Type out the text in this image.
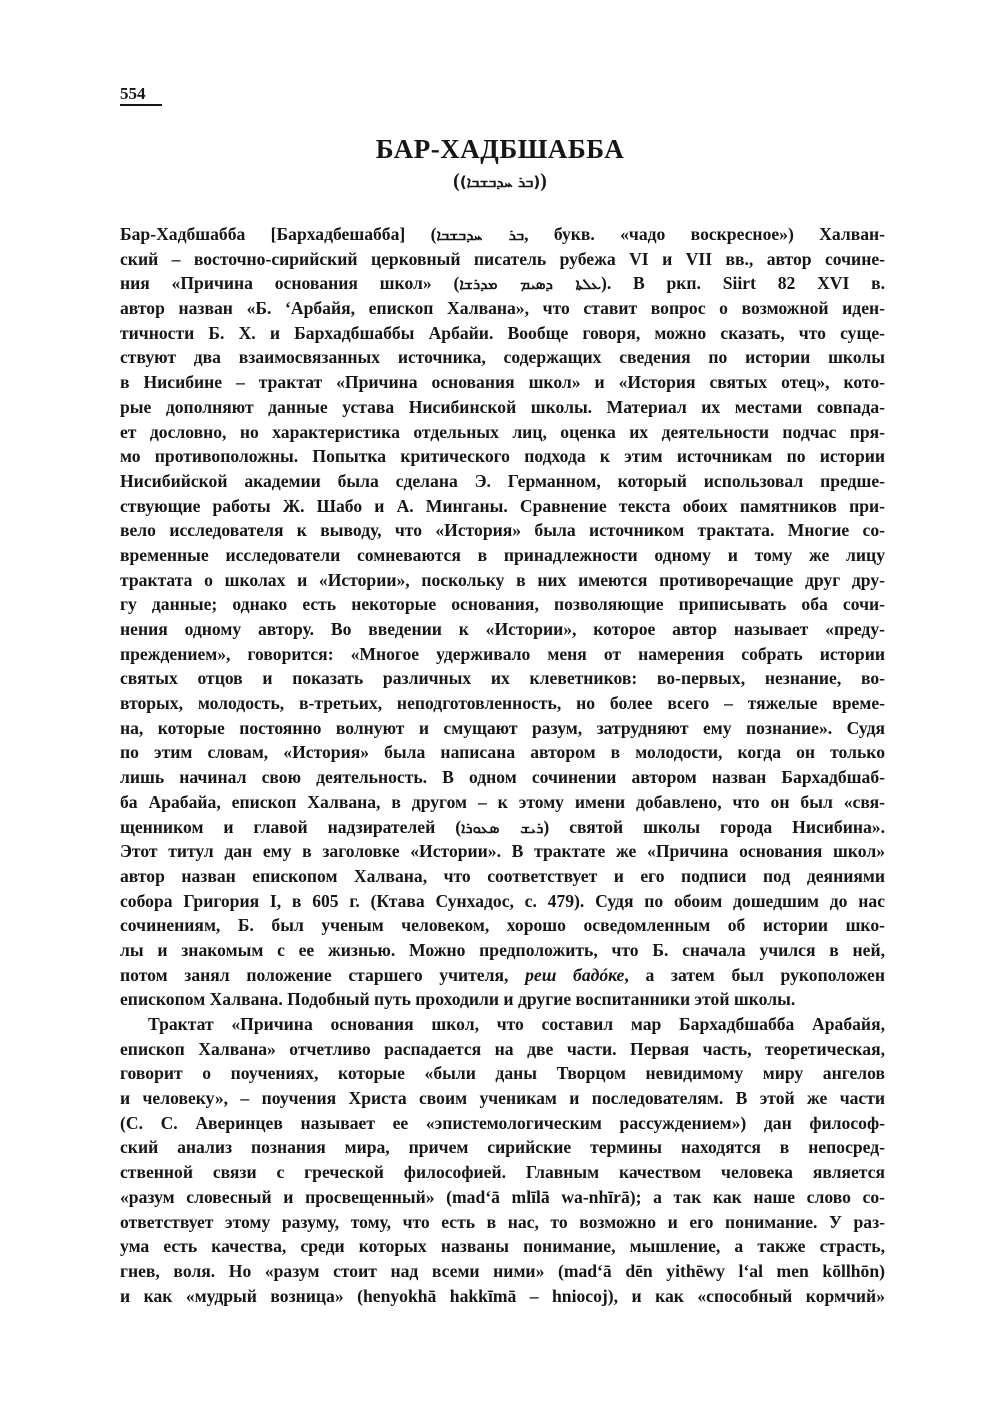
554
БАР-ХАДБШАББА
((ܒܪ ܚܕܒܫܒܐ))
Бар-Хадбшабба [Бархадбешабба] (ܒܪ ܚܕܒܫܒܐ, букв. «чадо воскресное») Халван-
ский – восточно-сирийский церковный писатель рубежа VI и VII вв., автор сочине-
ния «Причина основания школ» (ܥܠܬܐ ܕܣܝܡ ܡܕܪܫܐ). В ркп. Siirt 82 XVI в.
автор назван «Б. ‘Арбайя, епископ Халвана», что ставит вопрос о возможной иден-
тичности Б. Х. и Бархадбшаббы Арбайи. Вообще говоря, можно сказать, что суще-
ствуют два взаимосвязанных источника, содержащих сведения по истории школы
в Нисибине – трактат «Причина основания школ» и «История святых отец», кото-
рые дополняют данные устава Нисибинской школы. Материал их местами совпада-
ет дословно, но характеристика отдельных лиц, оценка их деятельности подчас пря-
мо противоположны. Попытка критического подхода к этим источникам по истории
Нисибийской академии была сделана Э. Германном, который использовал предше-
ствующие работы Ж. Шабо и А. Минганы. Сравнение текста обоих памятников при-
вело исследователя к выводу, что «История» была источником трактата. Многие со-
временные исследователи сомневаются в принадлежности одному и тому же лицу
трактата о школах и «Истории», поскольку в них имеются противоречащие друг дру-
гу данные; однако есть некоторые основания, позволяющие приписывать оба сочи-
нения одному автору. Во введении к «Истории», которое автор называет «преду-
преждением», говорится: «Многое удерживало меня от намерения собрать истории
святых отцов и показать различных их клеветников: во-первых, незнание, во-
вторых, молодость, в-третьих, неподготовленность, но более всего – тяжелые време-
на, которые постоянно волнуют и смущают разум, затрудняют ему познание». Судя
по этим словам, «История» была написана автором в молодости, когда он только
лишь начинал свою деятельность. В одном сочинении автором назван Бархадбшаб-
ба Арабайа, епископ Халвана, в другом – к этому имени добавлено, что он был «свя-
щенником и главой надзирателей (ܪܝܫ ܣܥܘܪܐ) святой школы города Нисибина».
Этот титул дан ему в заголовке «Истории». В трактате же «Причина основания школ»
автор назван епископом Халвана, что соответствует и его подписи под деяниями
собора Григория I, в 605 г. (Ктава Сунхадос, с. 479). Судя по обоим дошедшим до нас
сочинениям, Б. был ученым человеком, хорошо осведомленным об истории шко-
лы и знакомым с ее жизнью. Можно предположить, что Б. сначала учился в ней,
потом занял положение старшего учителя, реш бадóке, а затем был рукоположен
епископом Халвана. Подобный путь проходили и другие воспитанники этой школы.
Трактат «Причина основания школ, что составил мар Бархадбшабба Арабайя,
епископ Халвана» отчетливо распадается на две части. Первая часть, теоретическая,
говорит о поучениях, которые «были даны Творцом невидимому миру ангелов
и человеку», – поучения Христа своим ученикам и последователям. В этой же части
(С. С. Аверинцев называет ее «эпистемологическим рассуждением») дан философ-
ский анализ познания мира, причем сирийские термины находятся в непосред-
ственной связи с греческой философией. Главным качеством человека является
«разум словесный и просвещенный» (mad‘ā mlīlā wa-nhīrā); а так как наше слово со-
ответствует этому разуму, тому, что есть в нас, то возможно и его понимание. У раз-
ума есть качества, среди которых названы понимание, мышление, а также страсть,
гнев, воля. Но «разум стоит над всеми ними» (mad‘ā dēn yithēwy l‘al men kōllhōn)
и как «мудрый возница» (henyokhā hakkīmā – hniocoj), и как «способный кормчий»
